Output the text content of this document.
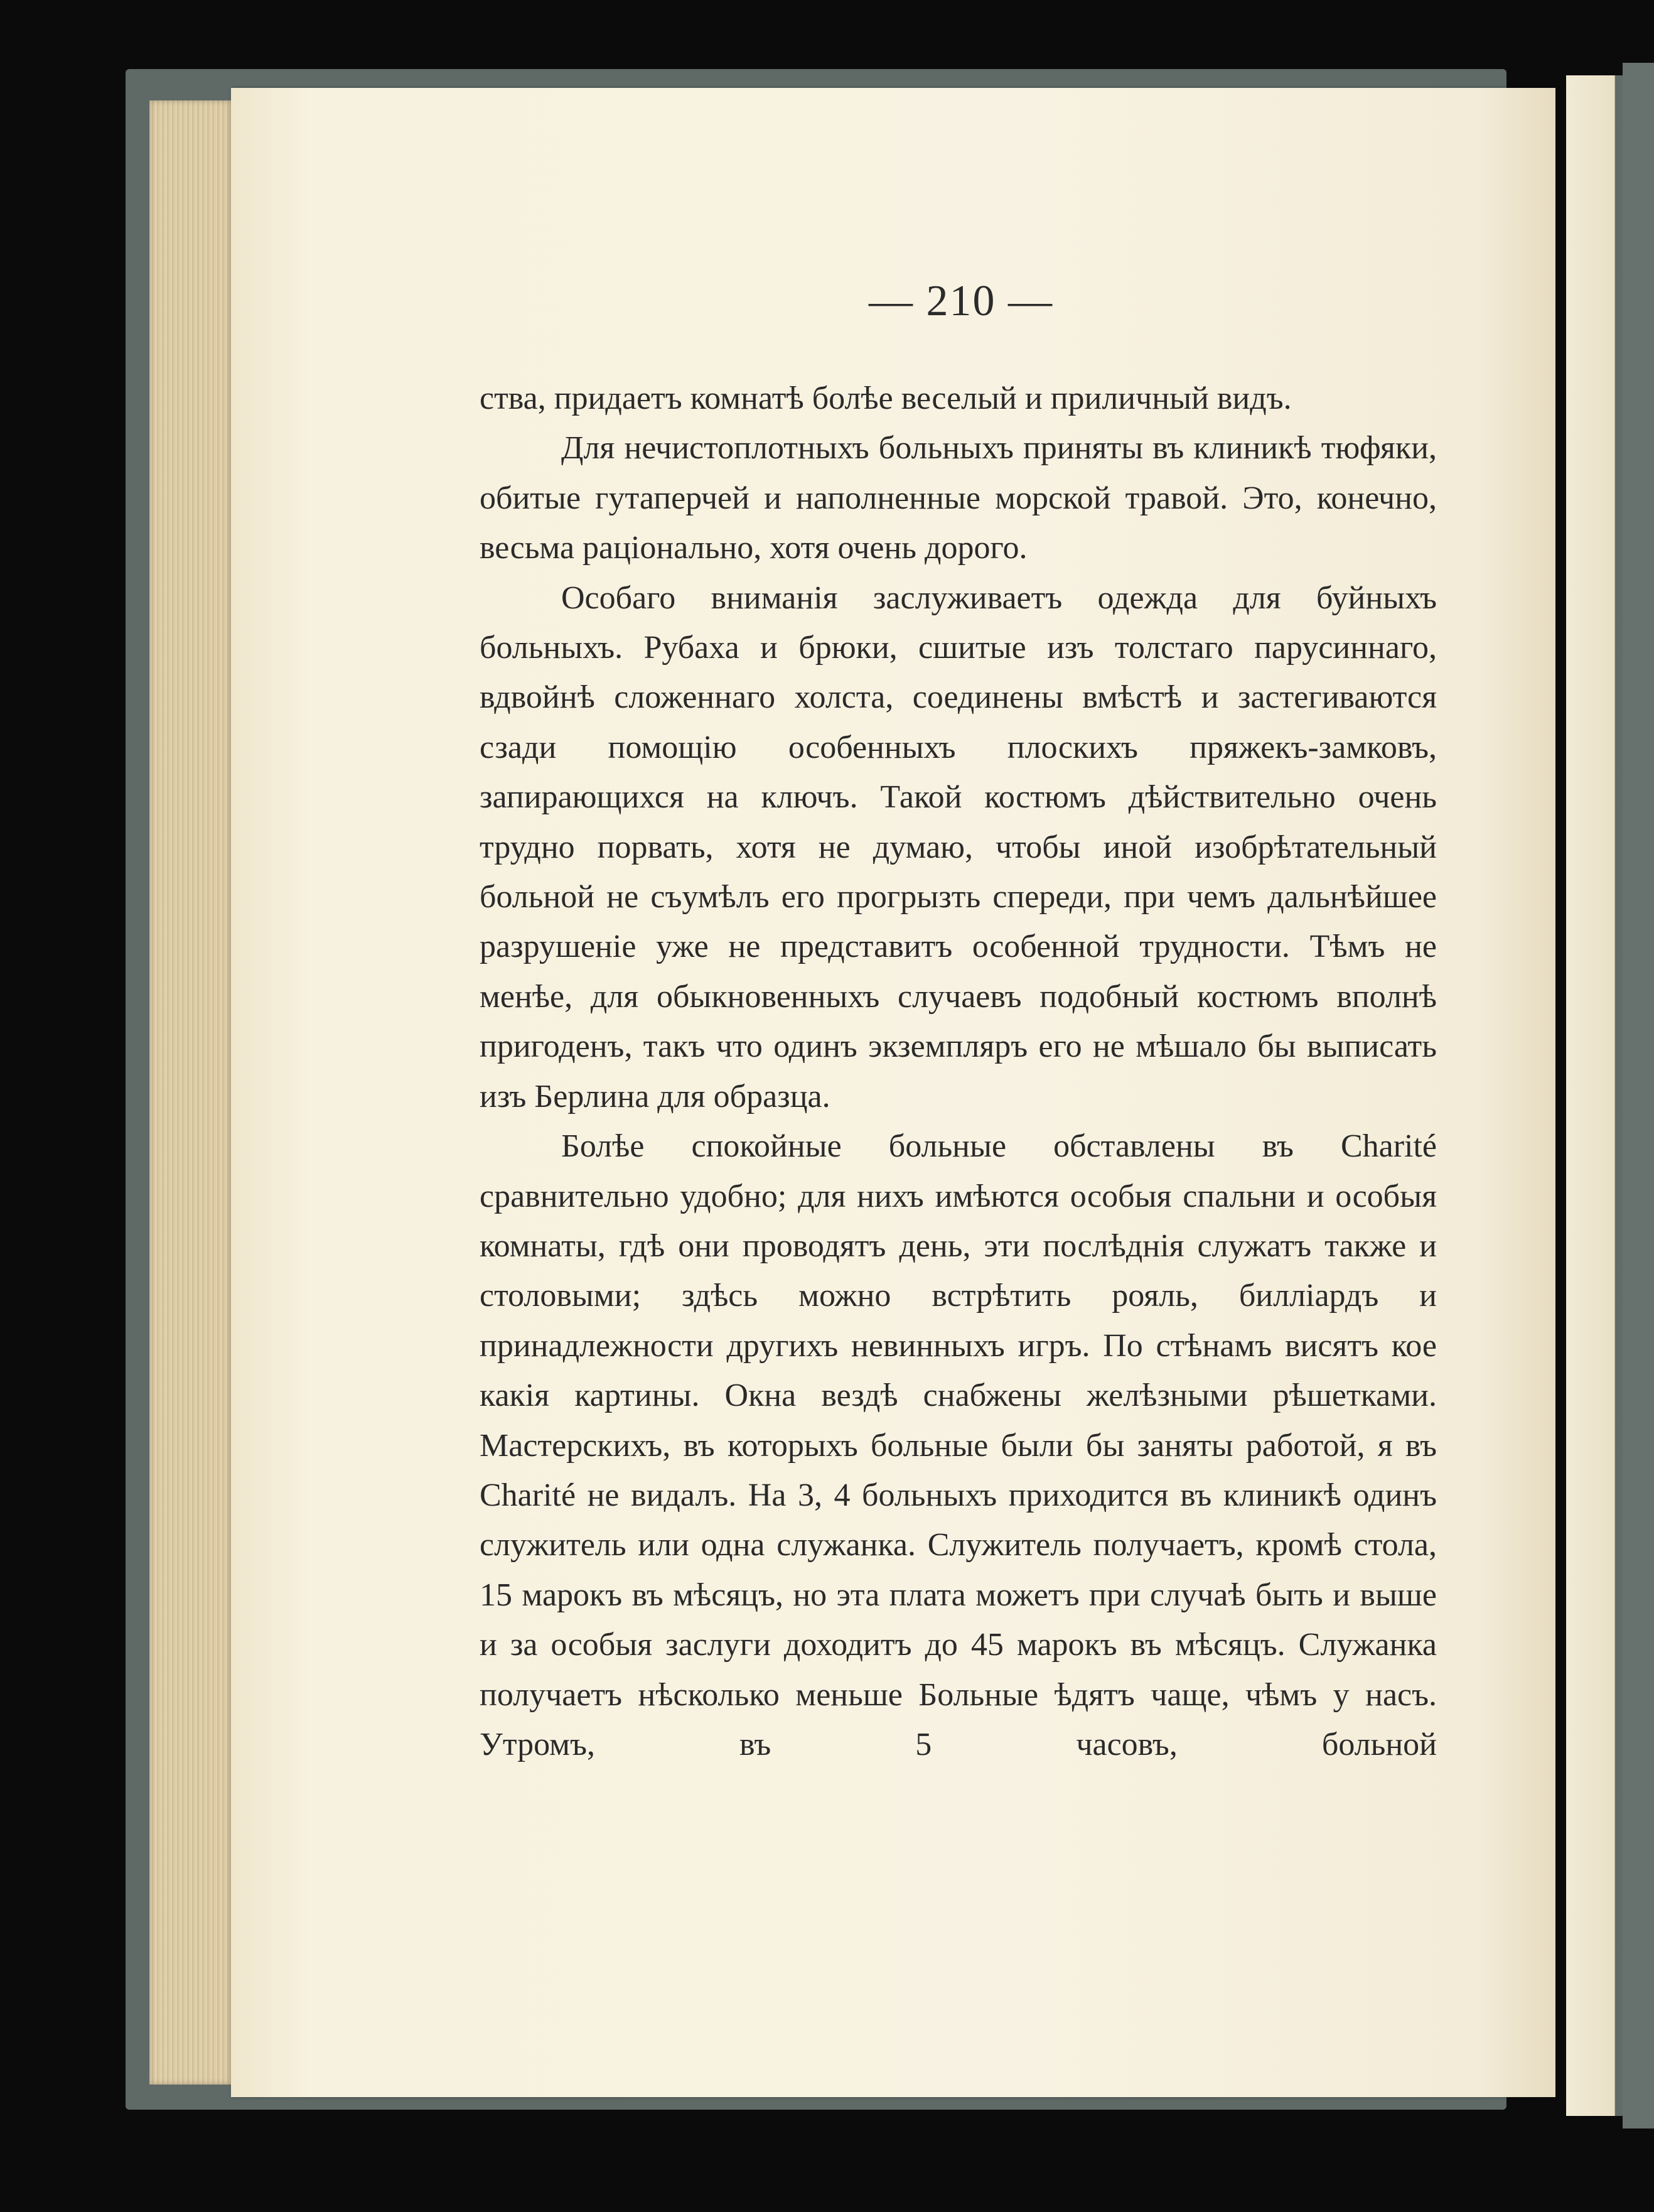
— 210 —

ства, придаетъ комнатѣ болѣе веселый и приличный видъ.

Для нечистоплотныхъ больныхъ приняты въ клиникѣ тюфяки, обитые гутаперчей и наполненные морской травой. Это, конечно, весьма раціонально, хотя очень дорого.

Особаго вниманія заслуживаетъ одежда для буйныхъ больныхъ. Рубаха и брюки, сшитые изъ толстаго парусиннаго, вдвойнѣ сложеннаго холста, соединены вмѣстѣ и застегиваются сзади помощію особенныхъ плоскихъ пряжекъ-замковъ, запирающихся на ключъ. Такой костюмъ дѣйствительно очень трудно порвать, хотя не думаю, чтобы иной изобрѣтательный больной не съумѣлъ его прогрызть спереди, при чемъ дальнѣйшее разрушеніе уже не представитъ особенной трудности. Тѣмъ не менѣе, для обыкновенныхъ случаевъ подобный костюмъ вполнѣ пригоденъ, такъ что одинъ экземпляръ его не мѣшало бы выписать изъ Берлина для образца.

Болѣе спокойные больные обставлены въ Charité сравнительно удобно; для нихъ имѣются особыя спальни и особыя комнаты, гдѣ они проводятъ день, эти послѣднія служатъ также и столовыми; здѣсь можно встрѣтить рояль, билліардъ и принадлежности другихъ невинныхъ игръ. По стѣнамъ висятъ кое какія картины. Окна вездѣ снабжены желѣзными рѣшетками. Мастерскихъ, въ которыхъ больные были бы заняты работой, я въ Charité не видалъ. На 3, 4 больныхъ приходится въ клиникѣ одинъ служитель или одна служанка. Служитель получаетъ, кромѣ стола, 15 марокъ въ мѣсяцъ, но эта плата можетъ при случаѣ быть и выше и за особыя заслуги доходитъ до 45 марокъ въ мѣсяцъ. Служанка получаетъ нѣсколько меньше Больные ѣдятъ чаще, чѣмъ у насъ. Утромъ, въ 5 часовъ, больной
